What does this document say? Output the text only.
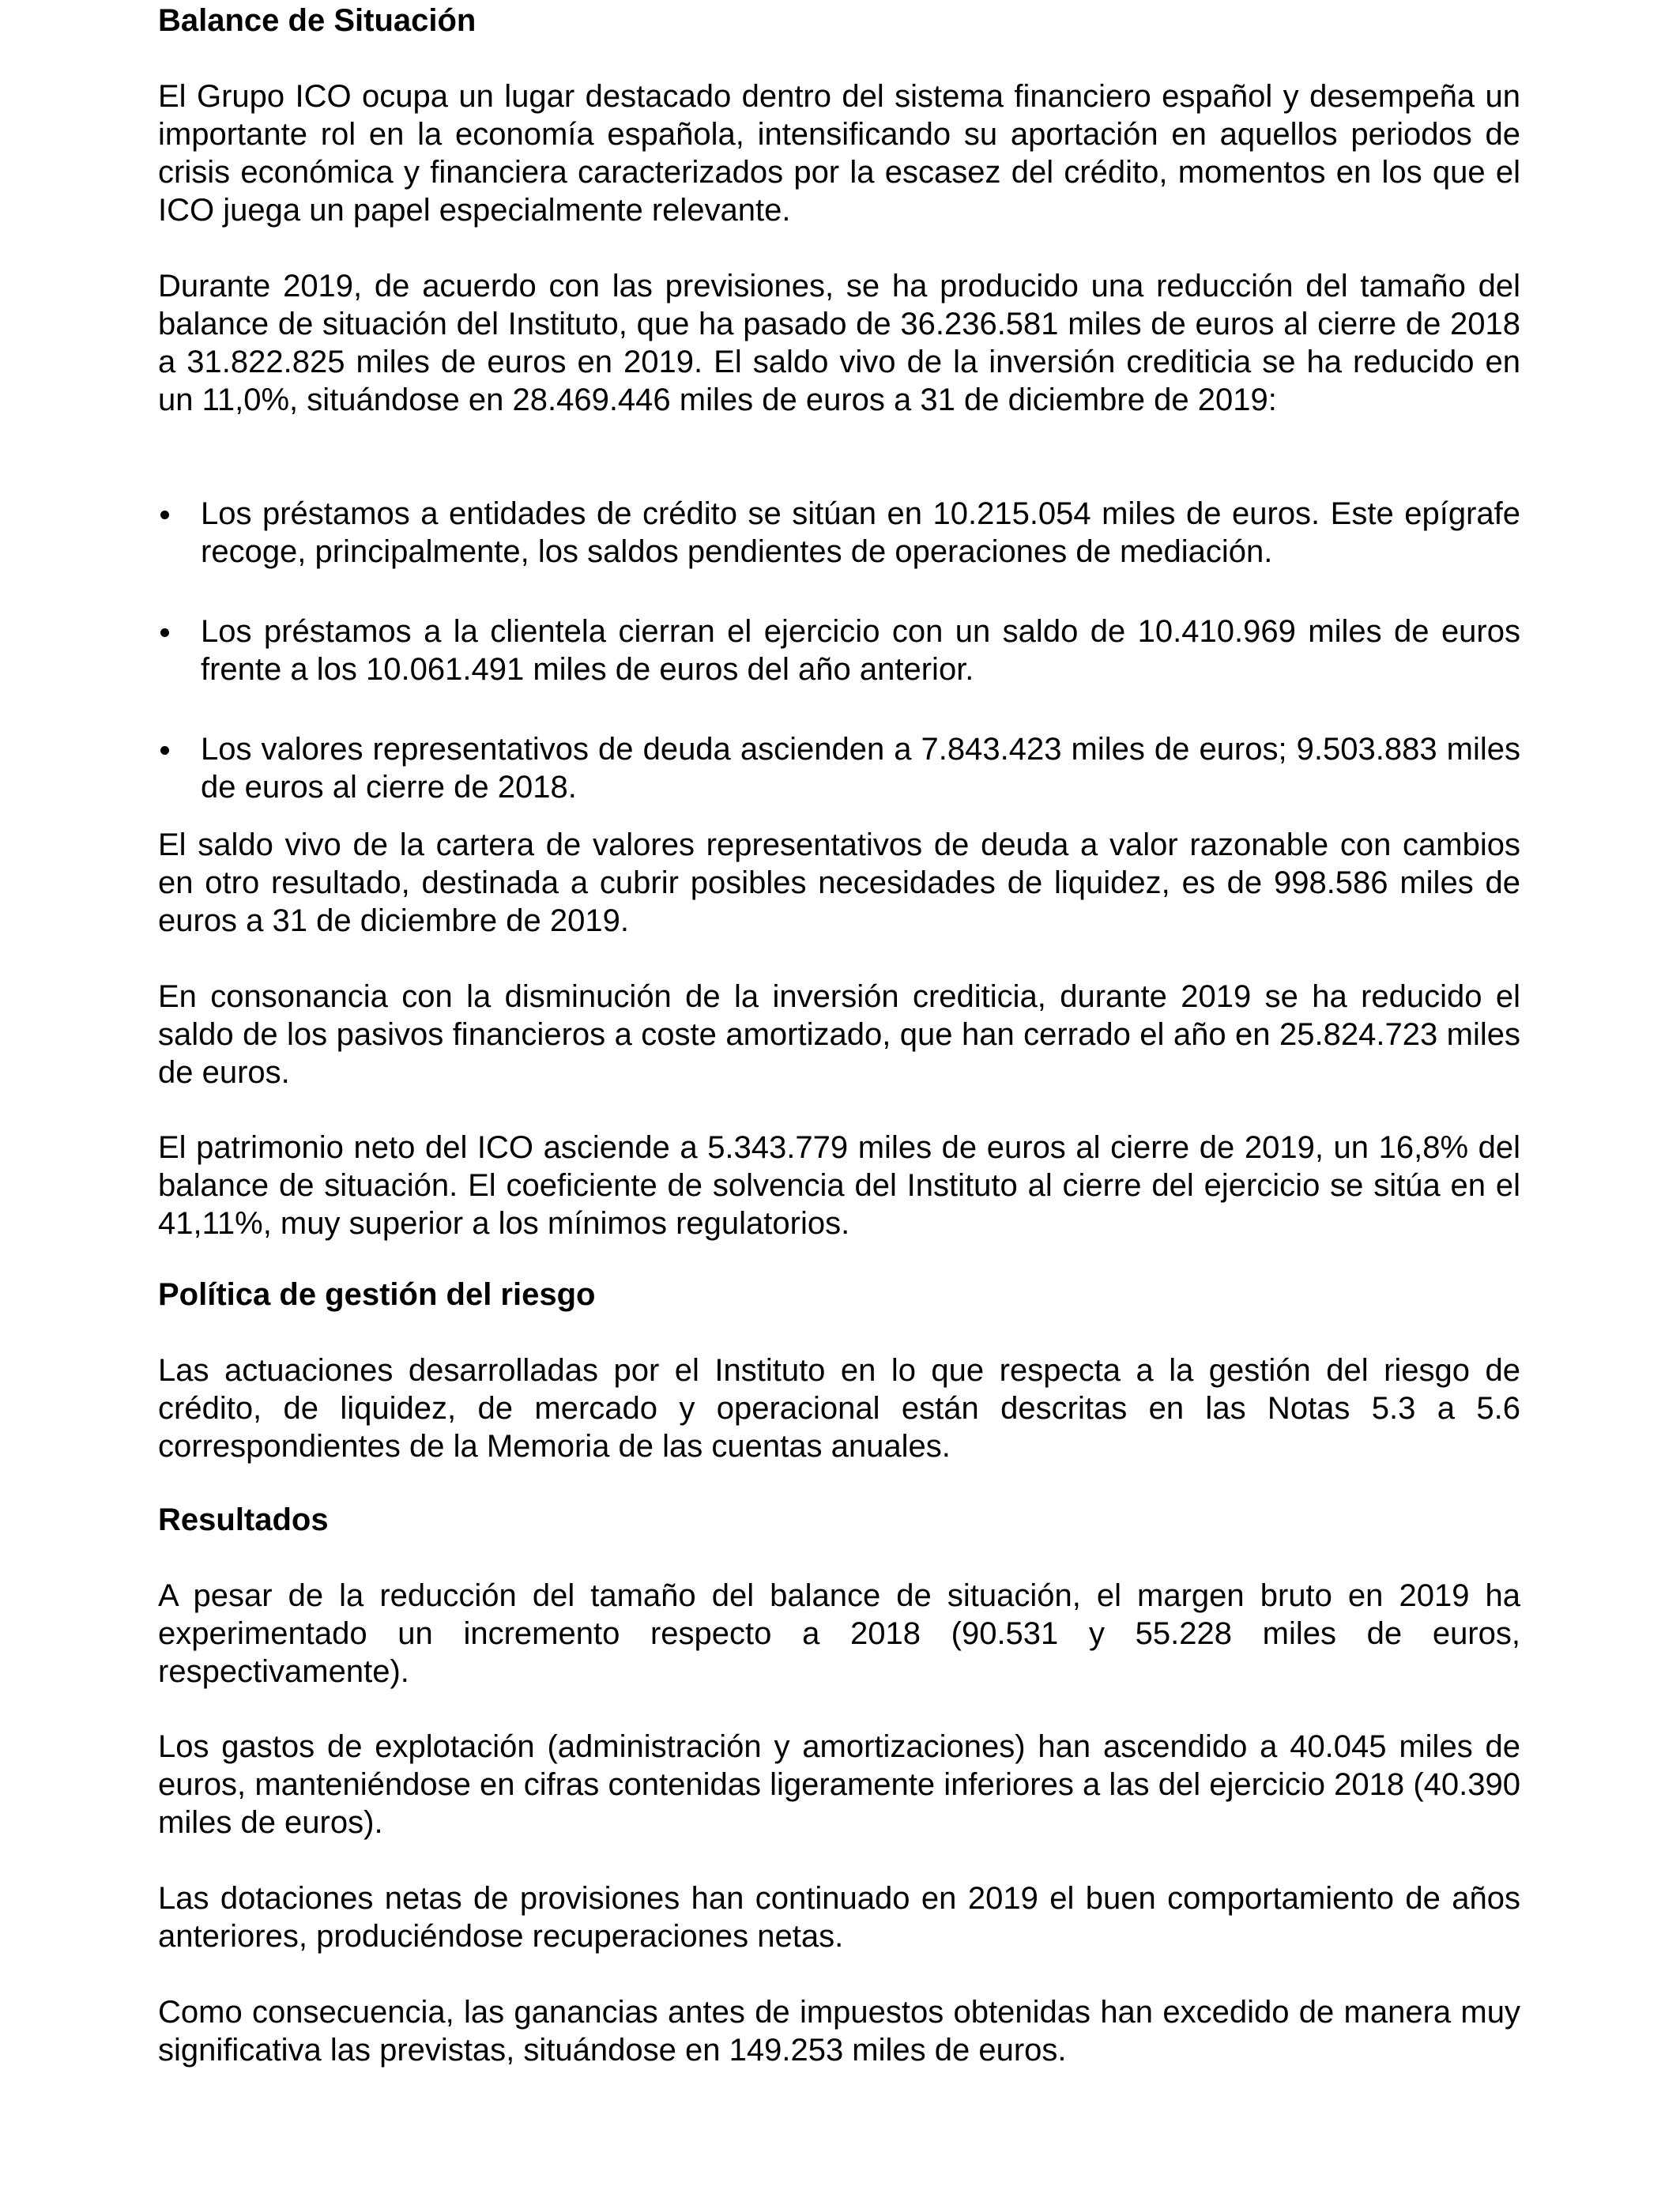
Balance de Situación

El Grupo ICO ocupa un lugar destacado dentro del sistema financiero español y desempeña un importante rol en la economía española, intensificando su aportación en aquellos periodos de crisis económica y financiera caracterizados por la escasez del crédito, momentos en los que el ICO juega un papel especialmente relevante.

Durante 2019, de acuerdo con las previsiones, se ha producido una reducción del tamaño del balance de situación del Instituto, que ha pasado de 36.236.581 miles de euros al cierre de 2018 a 31.822.825 miles de euros en 2019. El saldo vivo de la inversión crediticia se ha reducido en un 11,0%, situándose en 28.469.446 miles de euros a 31 de diciembre de 2019:

Los préstamos a entidades de crédito se sitúan en 10.215.054 miles de euros. Este epígrafe recoge, principalmente, los saldos pendientes de operaciones de mediación.

Los préstamos a la clientela cierran el ejercicio con un saldo de 10.410.969 miles de euros frente a los 10.061.491 miles de euros del año anterior.

Los valores representativos de deuda ascienden a 7.843.423 miles de euros; 9.503.883 miles de euros al cierre de 2018.

El saldo vivo de la cartera de valores representativos de deuda a valor razonable con cambios en otro resultado, destinada a cubrir posibles necesidades de liquidez, es de 998.586 miles de euros a 31 de diciembre de 2019.

En consonancia con la disminución de la inversión crediticia, durante 2019 se ha reducido el saldo de los pasivos financieros a coste amortizado, que han cerrado el año en 25.824.723 miles de euros.

El patrimonio neto del ICO asciende a 5.343.779 miles de euros al cierre de 2019, un 16,8% del balance de situación. El coeficiente de solvencia del Instituto al cierre del ejercicio se sitúa en el 41,11%, muy superior a los mínimos regulatorios.

Política de gestión del riesgo

Las actuaciones desarrolladas por el Instituto en lo que respecta a la gestión del riesgo de crédito, de liquidez, de mercado y operacional están descritas en las Notas 5.3 a 5.6 correspondientes de la Memoria de las cuentas anuales.

Resultados

A pesar de la reducción del tamaño del balance de situación, el margen bruto en 2019 ha experimentado un incremento respecto a 2018 (90.531 y 55.228 miles de euros, respectivamente).

Los gastos de explotación (administración y amortizaciones) han ascendido a 40.045 miles de euros, manteniéndose en cifras contenidas ligeramente inferiores a las del ejercicio 2018 (40.390 miles de euros).

Las dotaciones netas de provisiones han continuado en 2019 el buen comportamiento de años anteriores, produciéndose recuperaciones netas.

Como consecuencia, las ganancias antes de impuestos obtenidas han excedido de manera muy significativa las previstas, situándose en 149.253 miles de euros.
